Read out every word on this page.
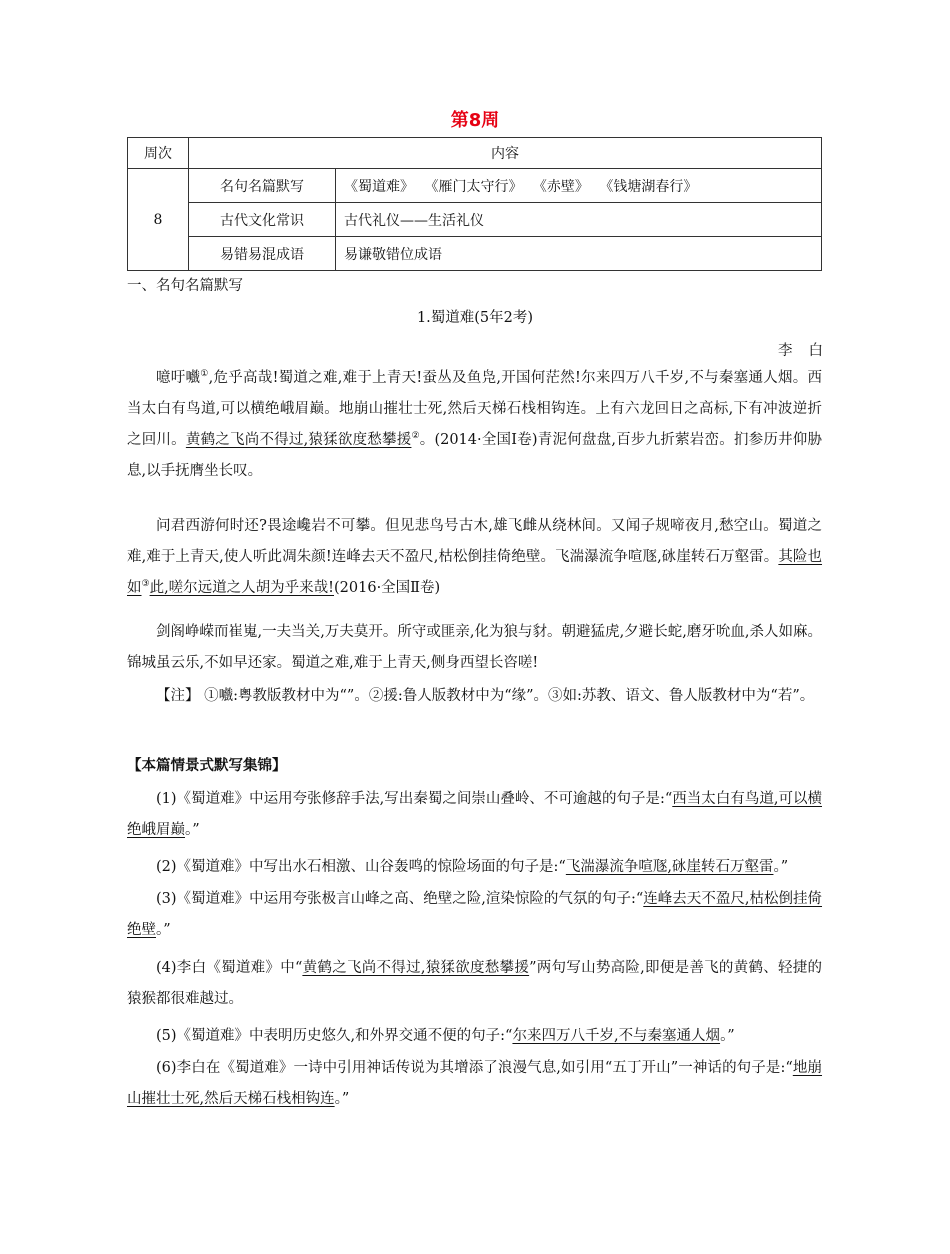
第8周
周次	内容	
8	名句名篇默写	《蜀道难》 《雁门太守行》 《赤壁》 《钱塘湖春行》
	古代文化常识	古代礼仪——生活礼仪
	易错易混成语	易谦敬错位成语
一、名句名篇默写
1.蜀道难(5年2考)
李白
噫吁嚱①,危乎高哉!蜀道之难,难于上青天!蚕丛及鱼凫,开国何茫然!尔来四万八千岁,不与秦塞通人烟。西当太白有鸟道,可以横绝峨眉巅。地崩山摧壮士死,然后天梯石栈相钩连。上有六龙回日之高标,下有冲波逆折之回川。黄鹤之飞尚不得过,猿猱欲度愁攀援②。(2014·全国Ⅰ卷)青泥何盘盘,百步九折萦岩峦。扪参历井仰胁息,以手抚膺坐长叹。
问君西游何时还?畏途巉岩不可攀。但见悲鸟号古木,雄飞雌从绕林间。又闻子规啼夜月,愁空山。蜀道之难,难于上青天,使人听此凋朱颜!连峰去天不盈尺,枯松倒挂倚绝壁。飞湍瀑流争喧豗,砯崖转石万壑雷。其险也如③此,嗟尔远道之人胡为乎来哉!(2016·全国Ⅱ卷)
剑阁峥嵘而崔嵬,一夫当关,万夫莫开。所守或匪亲,化为狼与豺。朝避猛虎,夕避长蛇,磨牙吮血,杀人如麻。锦城虽云乐,不如早还家。蜀道之难,难于上青天,侧身西望长咨嗟!
【注】 ①嚱:粤教版教材中为“”。②援:鲁人版教材中为“缘”。③如:苏教、语文、鲁人版教材中为“若”。
【本篇情景式默写集锦】
(1)《蜀道难》中运用夸张修辞手法,写出秦蜀之间崇山叠岭、不可逾越的句子是:“西当太白有鸟道,可以横绝峨眉巅。”
(2)《蜀道难》中写出水石相激、山谷轰鸣的惊险场面的句子是:“飞湍瀑流争喧豗,砯崖转石万壑雷。”
(3)《蜀道难》中运用夸张极言山峰之高、绝壁之险,渲染惊险的气氛的句子:“连峰去天不盈尺,枯松倒挂倚绝壁。”
(4)李白《蜀道难》中“黄鹤之飞尚不得过,猿猱欲度愁攀援”两句写山势高险,即便是善飞的黄鹤、轻捷的猿猴都很难越过。
(5)《蜀道难》中表明历史悠久,和外界交通不便的句子:“尔来四万八千岁,不与秦塞通人烟。”
(6)李白在《蜀道难》一诗中引用神话传说为其增添了浪漫气息,如引用“五丁开山”一神话的句子是:“地崩山摧壮士死,然后天梯石栈相钩连。”
